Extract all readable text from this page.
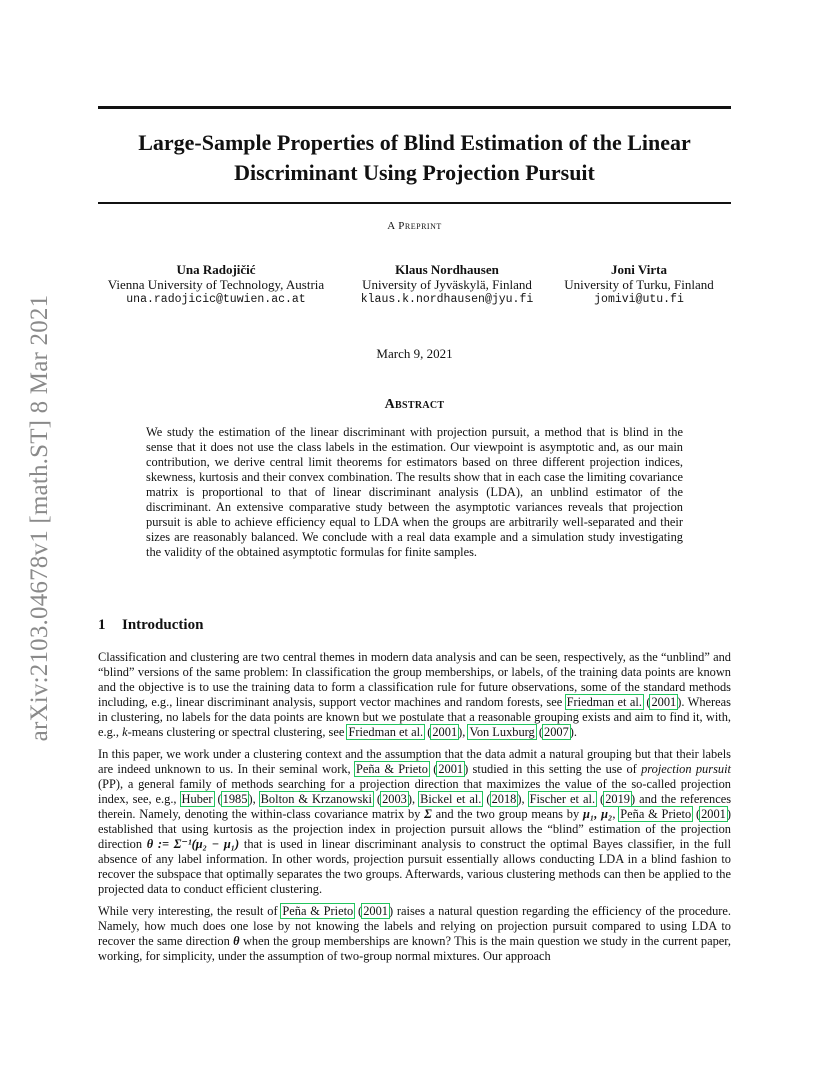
arXiv:2103.04678v1 [math.ST] 8 Mar 2021
Large-Sample Properties of Blind Estimation of the Linear
Discriminant Using Projection Pursuit
A Preprint
Una Radojičić
Vienna University of Technology, Austria
una.radojicic@tuwien.ac.at
Klaus Nordhausen
University of Jyväskylä, Finland
klaus.k.nordhausen@jyu.fi
Joni Virta
University of Turku, Finland
jomivi@utu.fi
March 9, 2021
Abstract

We study the estimation of the linear discriminant with projection pursuit, a method that is blind in the sense that it does not use the class labels in the estimation. Our viewpoint is asymptotic and, as our main contribution, we derive central limit theorems for estimators based on three different projection indices, skewness, kurtosis and their convex combination. The results show that in each case the limiting covariance matrix is proportional to that of linear discriminant analysis (LDA), an unblind estimator of the discriminant. An extensive comparative study between the asymptotic variances reveals that projection pursuit is able to achieve efficiency equal to LDA when the groups are arbitrarily well-separated and their sizes are reasonably balanced. We conclude with a real data example and a simulation study investigating the validity of the obtained asymptotic formulas for finite samples.

1 Introduction

Classification and clustering are two central themes in modern data analysis and can be seen, respectively, as the “unblind” and “blind” versions of the same problem: In classification the group memberships, or labels, of the training data points are known and the objective is to use the training data to form a classification rule for future observations, some of the standard methods including, e.g., linear discriminant analysis, support vector machines and random forests, see Friedman et al. (2001). Whereas in clustering, no labels for the data points are known but we postulate that a reasonable grouping exists and aim to find it, with, e.g., k-means clustering or spectral clustering, see Friedman et al. (2001), Von Luxburg (2007).

In this paper, we work under a clustering context and the assumption that the data admit a natural grouping but that their labels are indeed unknown to us. In their seminal work, Peña & Prieto (2001) studied in this setting the use of projection pursuit (PP), a general family of methods searching for a projection direction that maximizes the value of the so-called projection index, see, e.g., Huber (1985), Bolton & Krzanowski (2003), Bickel et al. (2018), Fischer et al. (2019) and the references therein. Namely, denoting the within-class covariance matrix by Σ and the two group means by μ₁, μ₂, Peña & Prieto (2001) established that using kurtosis as the projection index in projection pursuit allows the “blind” estimation of the projection direction θ := Σ⁻¹(μ₂ − μ₁) that is used in linear discriminant analysis to construct the optimal Bayes classifier, in the full absence of any label information. In other words, projection pursuit essentially allows conducting LDA in a blind fashion to recover the subspace that optimally separates the two groups. Afterwards, various clustering methods can then be applied to the projected data to conduct efficient clustering.

While very interesting, the result of Peña & Prieto (2001) raises a natural question regarding the efficiency of the procedure. Namely, how much does one lose by not knowing the labels and relying on projection pursuit compared to using LDA to recover the same direction θ when the group memberships are known? This is the main question we study in the current paper, working, for simplicity, under the assumption of two-group normal mixtures. Our approach
